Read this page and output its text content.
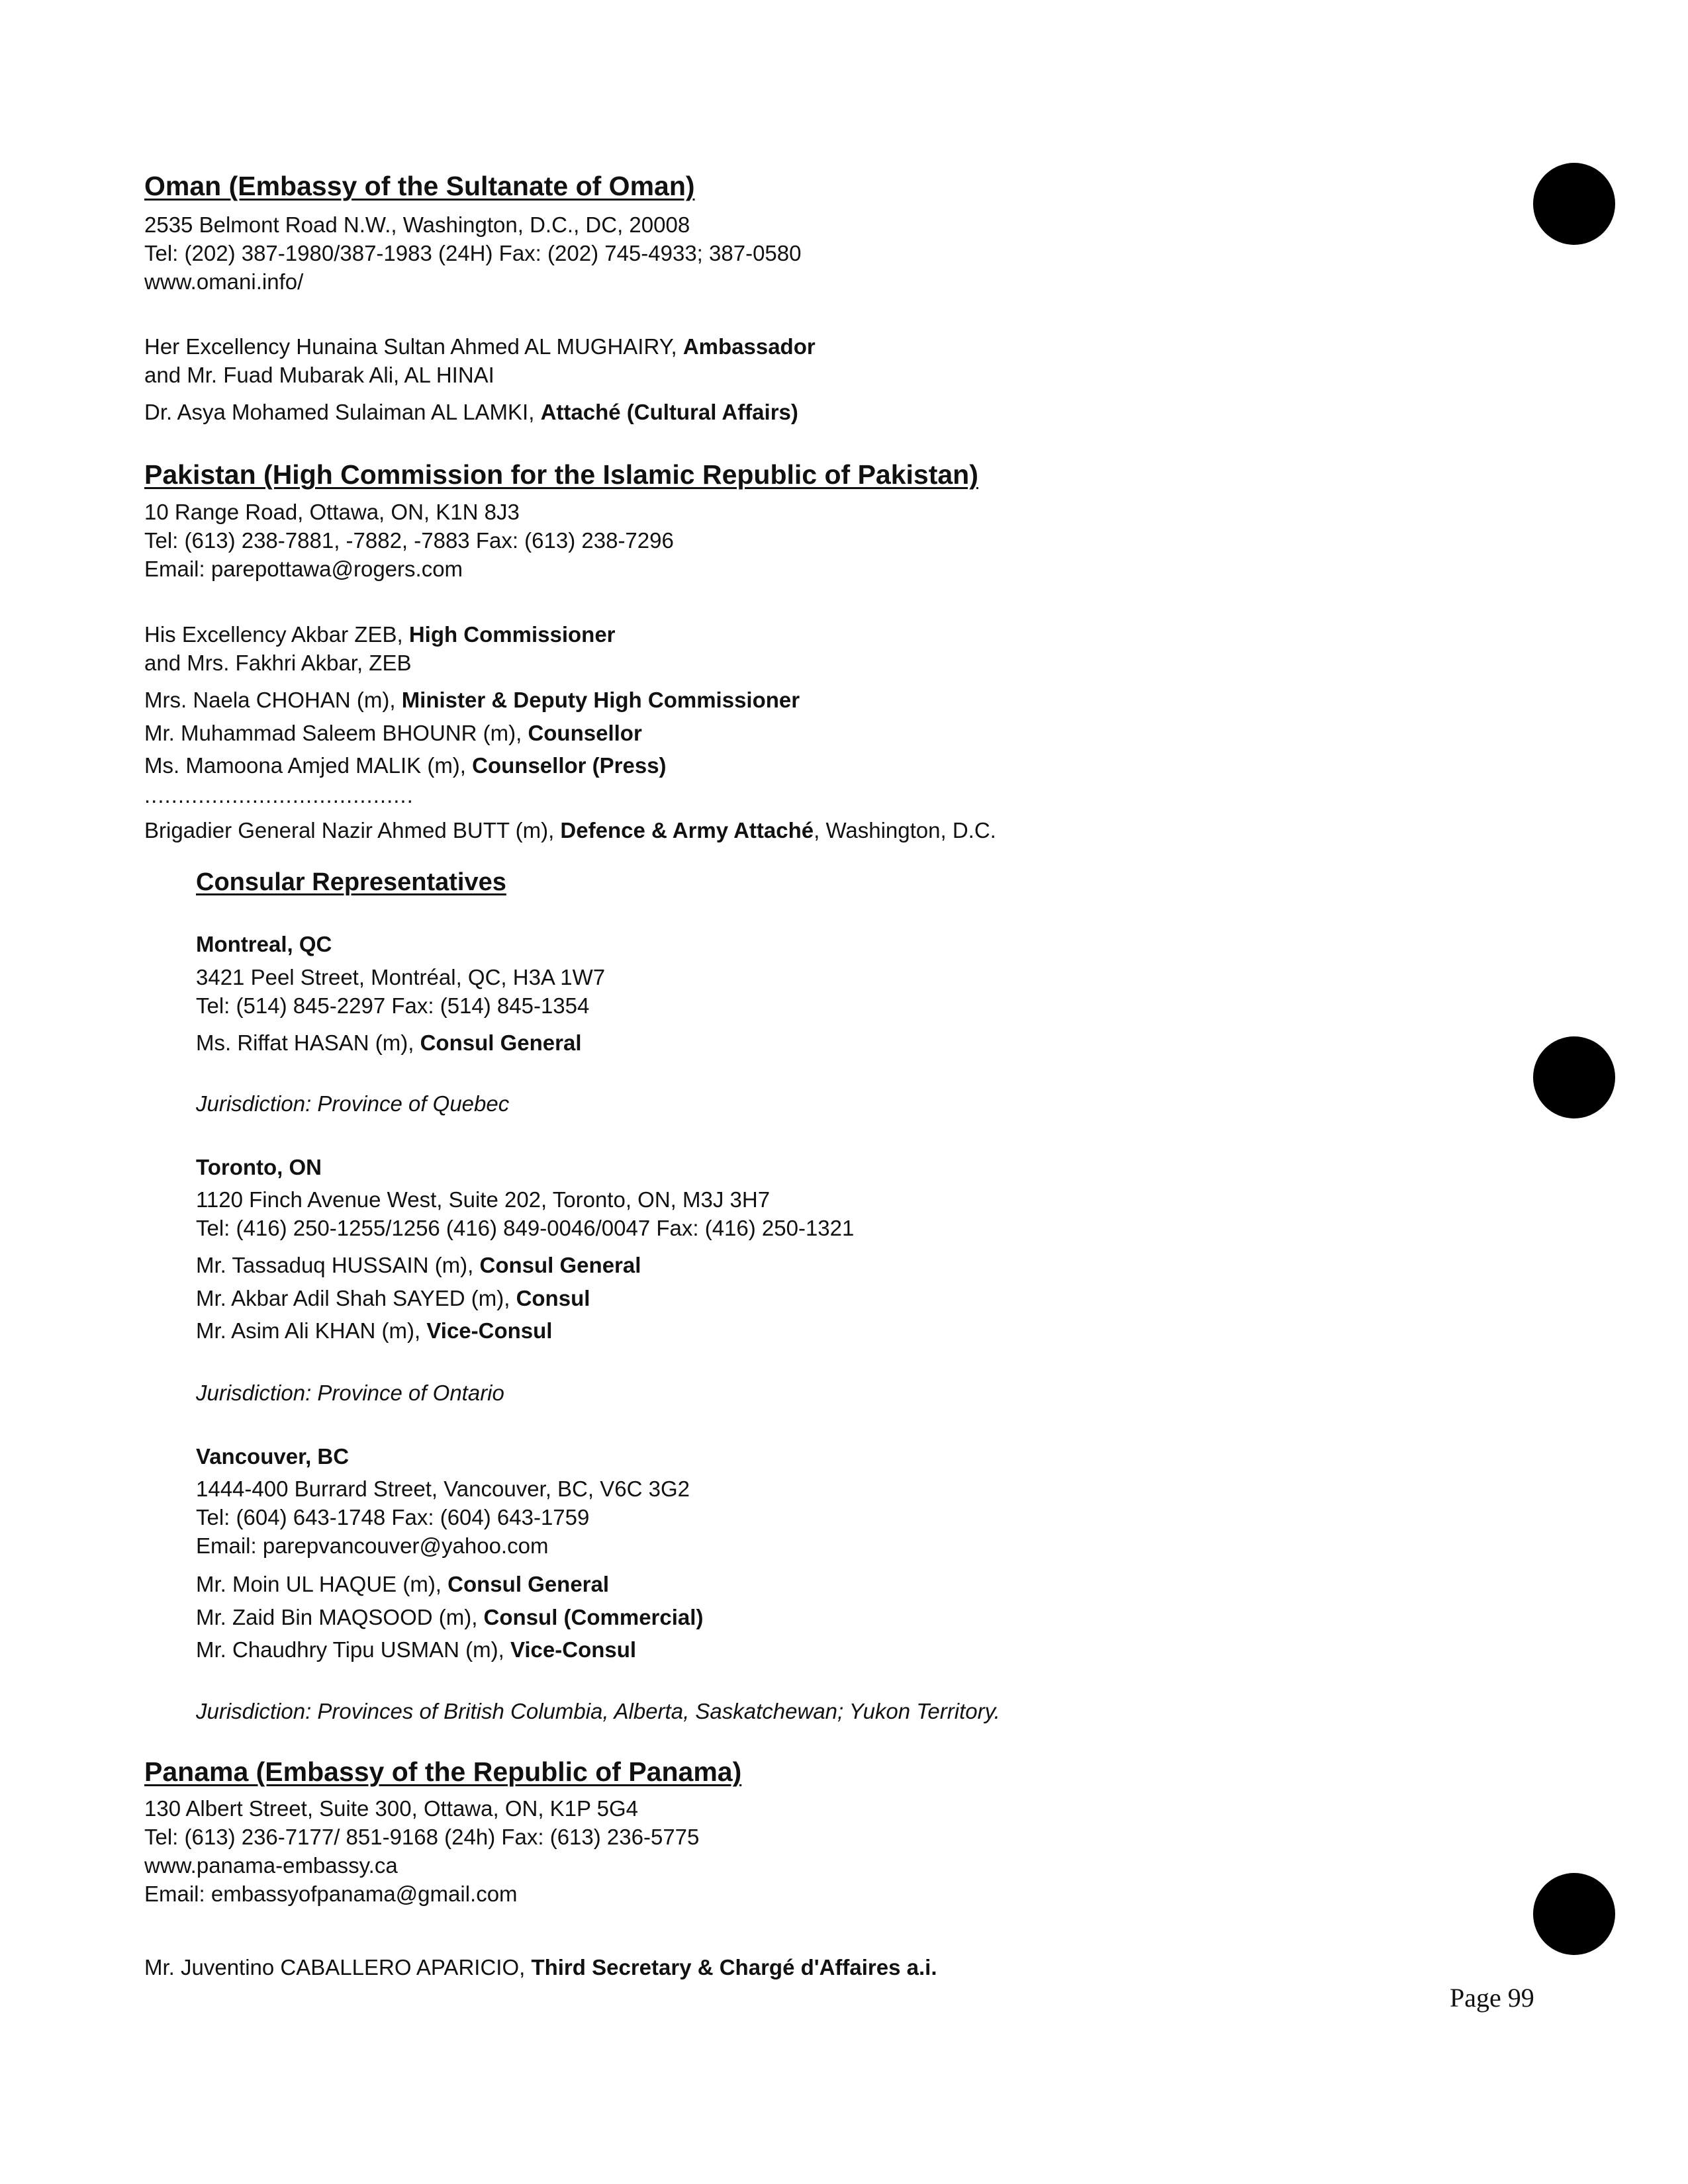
Oman (Embassy of the Sultanate of Oman)
2535 Belmont Road N.W., Washington, D.C., DC, 20008
Tel: (202) 387-1980/387-1983 (24H) Fax: (202) 745-4933; 387-0580
www.omani.info/
Her Excellency Hunaina Sultan Ahmed AL MUGHAIRY, Ambassador
and Mr. Fuad Mubarak Ali, AL HINAI
Dr. Asya Mohamed Sulaiman AL LAMKI, Attaché (Cultural Affairs)
Pakistan (High Commission for the Islamic Republic of Pakistan)
10 Range Road, Ottawa, ON, K1N 8J3
Tel: (613) 238-7881, -7882, -7883 Fax: (613) 238-7296
Email: parepottawa@rogers.com
His Excellency Akbar ZEB, High Commissioner
and Mrs. Fakhri Akbar, ZEB
Mrs. Naela CHOHAN (m), Minister & Deputy High Commissioner
Mr. Muhammad Saleem BHOUNR (m), Counsellor
Ms. Mamoona Amjed MALIK (m), Counsellor (Press)
........................................
Brigadier General Nazir Ahmed BUTT (m), Defence & Army Attaché, Washington, D.C.
Consular Representatives
Montreal, QC
3421 Peel Street, Montréal, QC, H3A 1W7
Tel: (514) 845-2297 Fax: (514) 845-1354
Ms. Riffat HASAN (m), Consul General
Jurisdiction: Province of Quebec
Toronto, ON
1120 Finch Avenue West, Suite 202, Toronto, ON, M3J 3H7
Tel: (416) 250-1255/1256 (416) 849-0046/0047 Fax: (416) 250-1321
Mr. Tassaduq HUSSAIN (m), Consul General
Mr. Akbar Adil Shah SAYED (m), Consul
Mr. Asim Ali KHAN (m), Vice-Consul
Jurisdiction: Province of Ontario
Vancouver, BC
1444-400 Burrard Street, Vancouver, BC, V6C 3G2
Tel: (604) 643-1748 Fax: (604) 643-1759
Email: parepvancouver@yahoo.com
Mr. Moin UL HAQUE (m), Consul General
Mr. Zaid Bin MAQSOOD (m), Consul (Commercial)
Mr. Chaudhry Tipu USMAN (m), Vice-Consul
Jurisdiction: Provinces of British Columbia, Alberta, Saskatchewan; Yukon Territory.
Panama (Embassy of the Republic of Panama)
130 Albert Street, Suite 300, Ottawa, ON, K1P 5G4
Tel: (613) 236-7177/ 851-9168 (24h) Fax: (613) 236-5775
www.panama-embassy.ca
Email: embassyofpanama@gmail.com
Mr. Juventino CABALLERO APARICIO, Third Secretary & Chargé d'Affaires a.i.
Page 99
